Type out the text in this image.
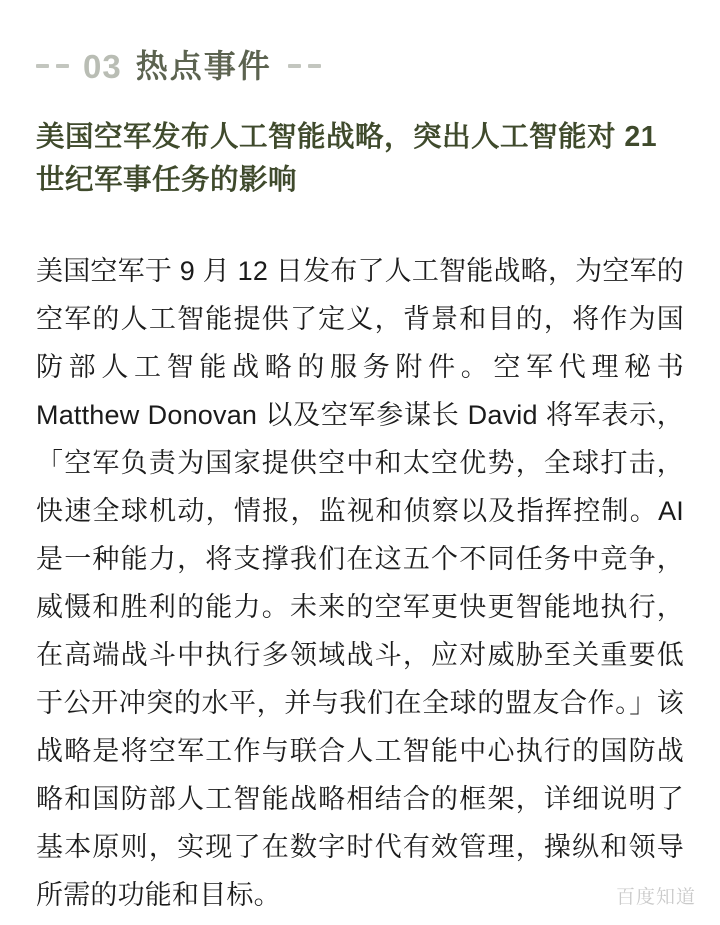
03 热点事件
美国空军发布人工智能战略，突出人工智能对 21 世纪军事任务的影响

美国空军于 9 月 12 日发布了人工智能战略，为空军的空军的人工智能提供了定义，背景和目的，将作为国防部人工智能战略的服务附件。空军代理秘书 Matthew Donovan 以及空军参谋长 David 将军表示，「空军负责为国家提供空中和太空优势，全球打击，快速全球机动，情报，监视和侦察以及指挥控制。AI 是一种能力，将支撑我们在这五个不同任务中竞争，威慑和胜利的能力。未来的空军更快更智能地执行，在高端战斗中执行多领域战斗，应对威胁至关重要低于公开冲突的水平，并与我们在全球的盟友合作。」该战略是将空军工作与联合人工智能中心执行的国防战略和国防部人工智能战略相结合的框架，详细说明了基本原则，实现了在数字时代有效管理，操纵和领导所需的功能和目标。	百度知道
